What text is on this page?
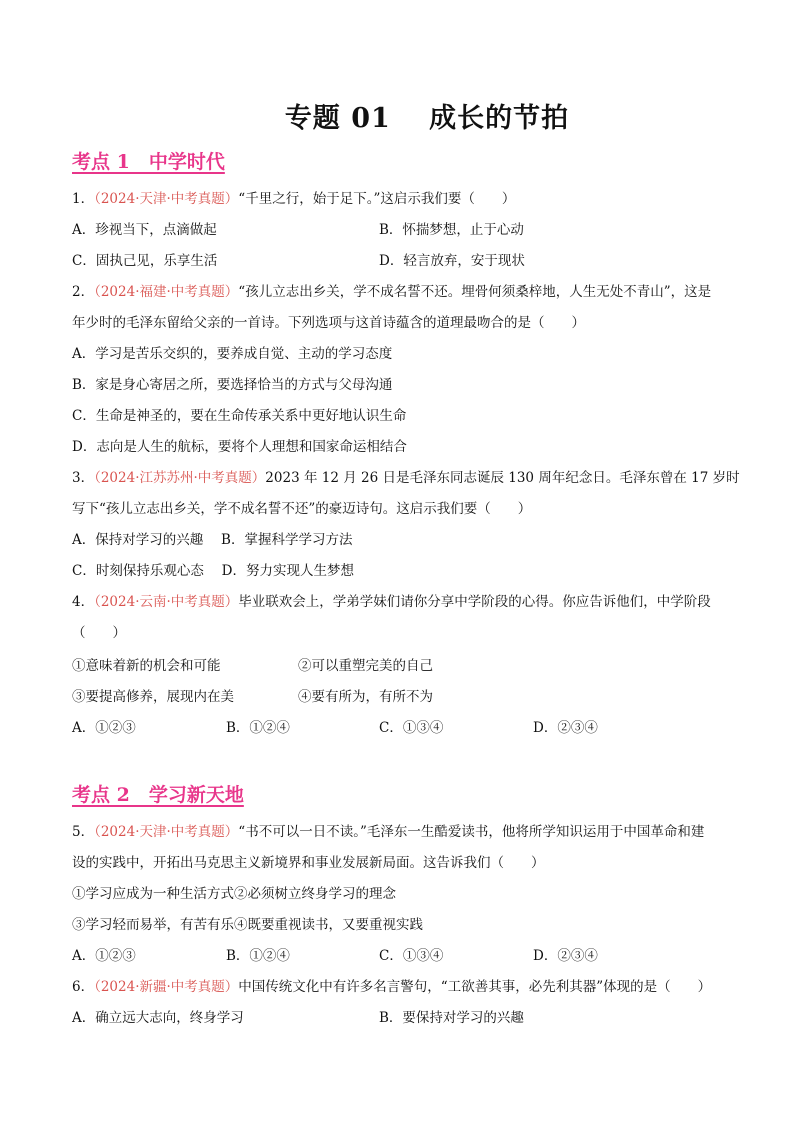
专题 01　 成长的节拍
考点 1　中学时代
1．（2024·天津·中考真题）“千里之行，始于足下。”这启示我们要（　　）
A．珍视当下，点滴做起	B．怀揣梦想，止于心动
C．固执己见，乐享生活	D．轻言放弃，安于现状
2．（2024·福建·中考真题）“孩儿立志出乡关，学不成名誓不还。埋骨何须桑梓地，人生无处不青山”，这是
年少时的毛泽东留给父亲的一首诗。下列选项与这首诗蕴含的道理最吻合的是（　　）
A．学习是苦乐交织的，要养成自觉、主动的学习态度
B．家是身心寄居之所，要选择恰当的方式与父母沟通
C．生命是神圣的，要在生命传承关系中更好地认识生命
D．志向是人生的航标，要将个人理想和国家命运相结合
3．（2024·江苏苏州·中考真题）2023 年 12 月 26 日是毛泽东同志诞辰 130 周年纪念日。毛泽东曾在 17 岁时
写下“孩儿立志出乡关，学不成名誓不还”的豪迈诗句。这启示我们要（　　）
A．保持对学习的兴趣　 B．掌握科学学习方法
C．时刻保持乐观心态　 D．努力实现人生梦想
4．（2024·云南·中考真题）毕业联欢会上，学弟学妹们请你分享中学阶段的心得。你应告诉他们，中学阶段
（　　）
①意味着新的机会和可能	②可以重塑完美的自己
③要提高修养，展现内在美	④要有所为，有所不为
A．①②③	B．①②④	C．①③④	D．②③④
考点 2　学习新天地
5．（2024·天津·中考真题）“书不可以一日不读。”毛泽东一生酷爱读书，他将所学知识运用于中国革命和建
设的实践中，开拓出马克思主义新境界和事业发展新局面。这告诉我们（　　）
①学习应成为一种生活方式②必须树立终身学习的理念
③学习轻而易举，有苦有乐④既要重视读书，又要重视实践
A．①②③	B．①②④	C．①③④	D．②③④
6．（2024·新疆·中考真题）中国传统文化中有许多名言警句，“工欲善其事，必先利其器”体现的是（　　）
A．确立远大志向，终身学习	B．要保持对学习的兴趣
